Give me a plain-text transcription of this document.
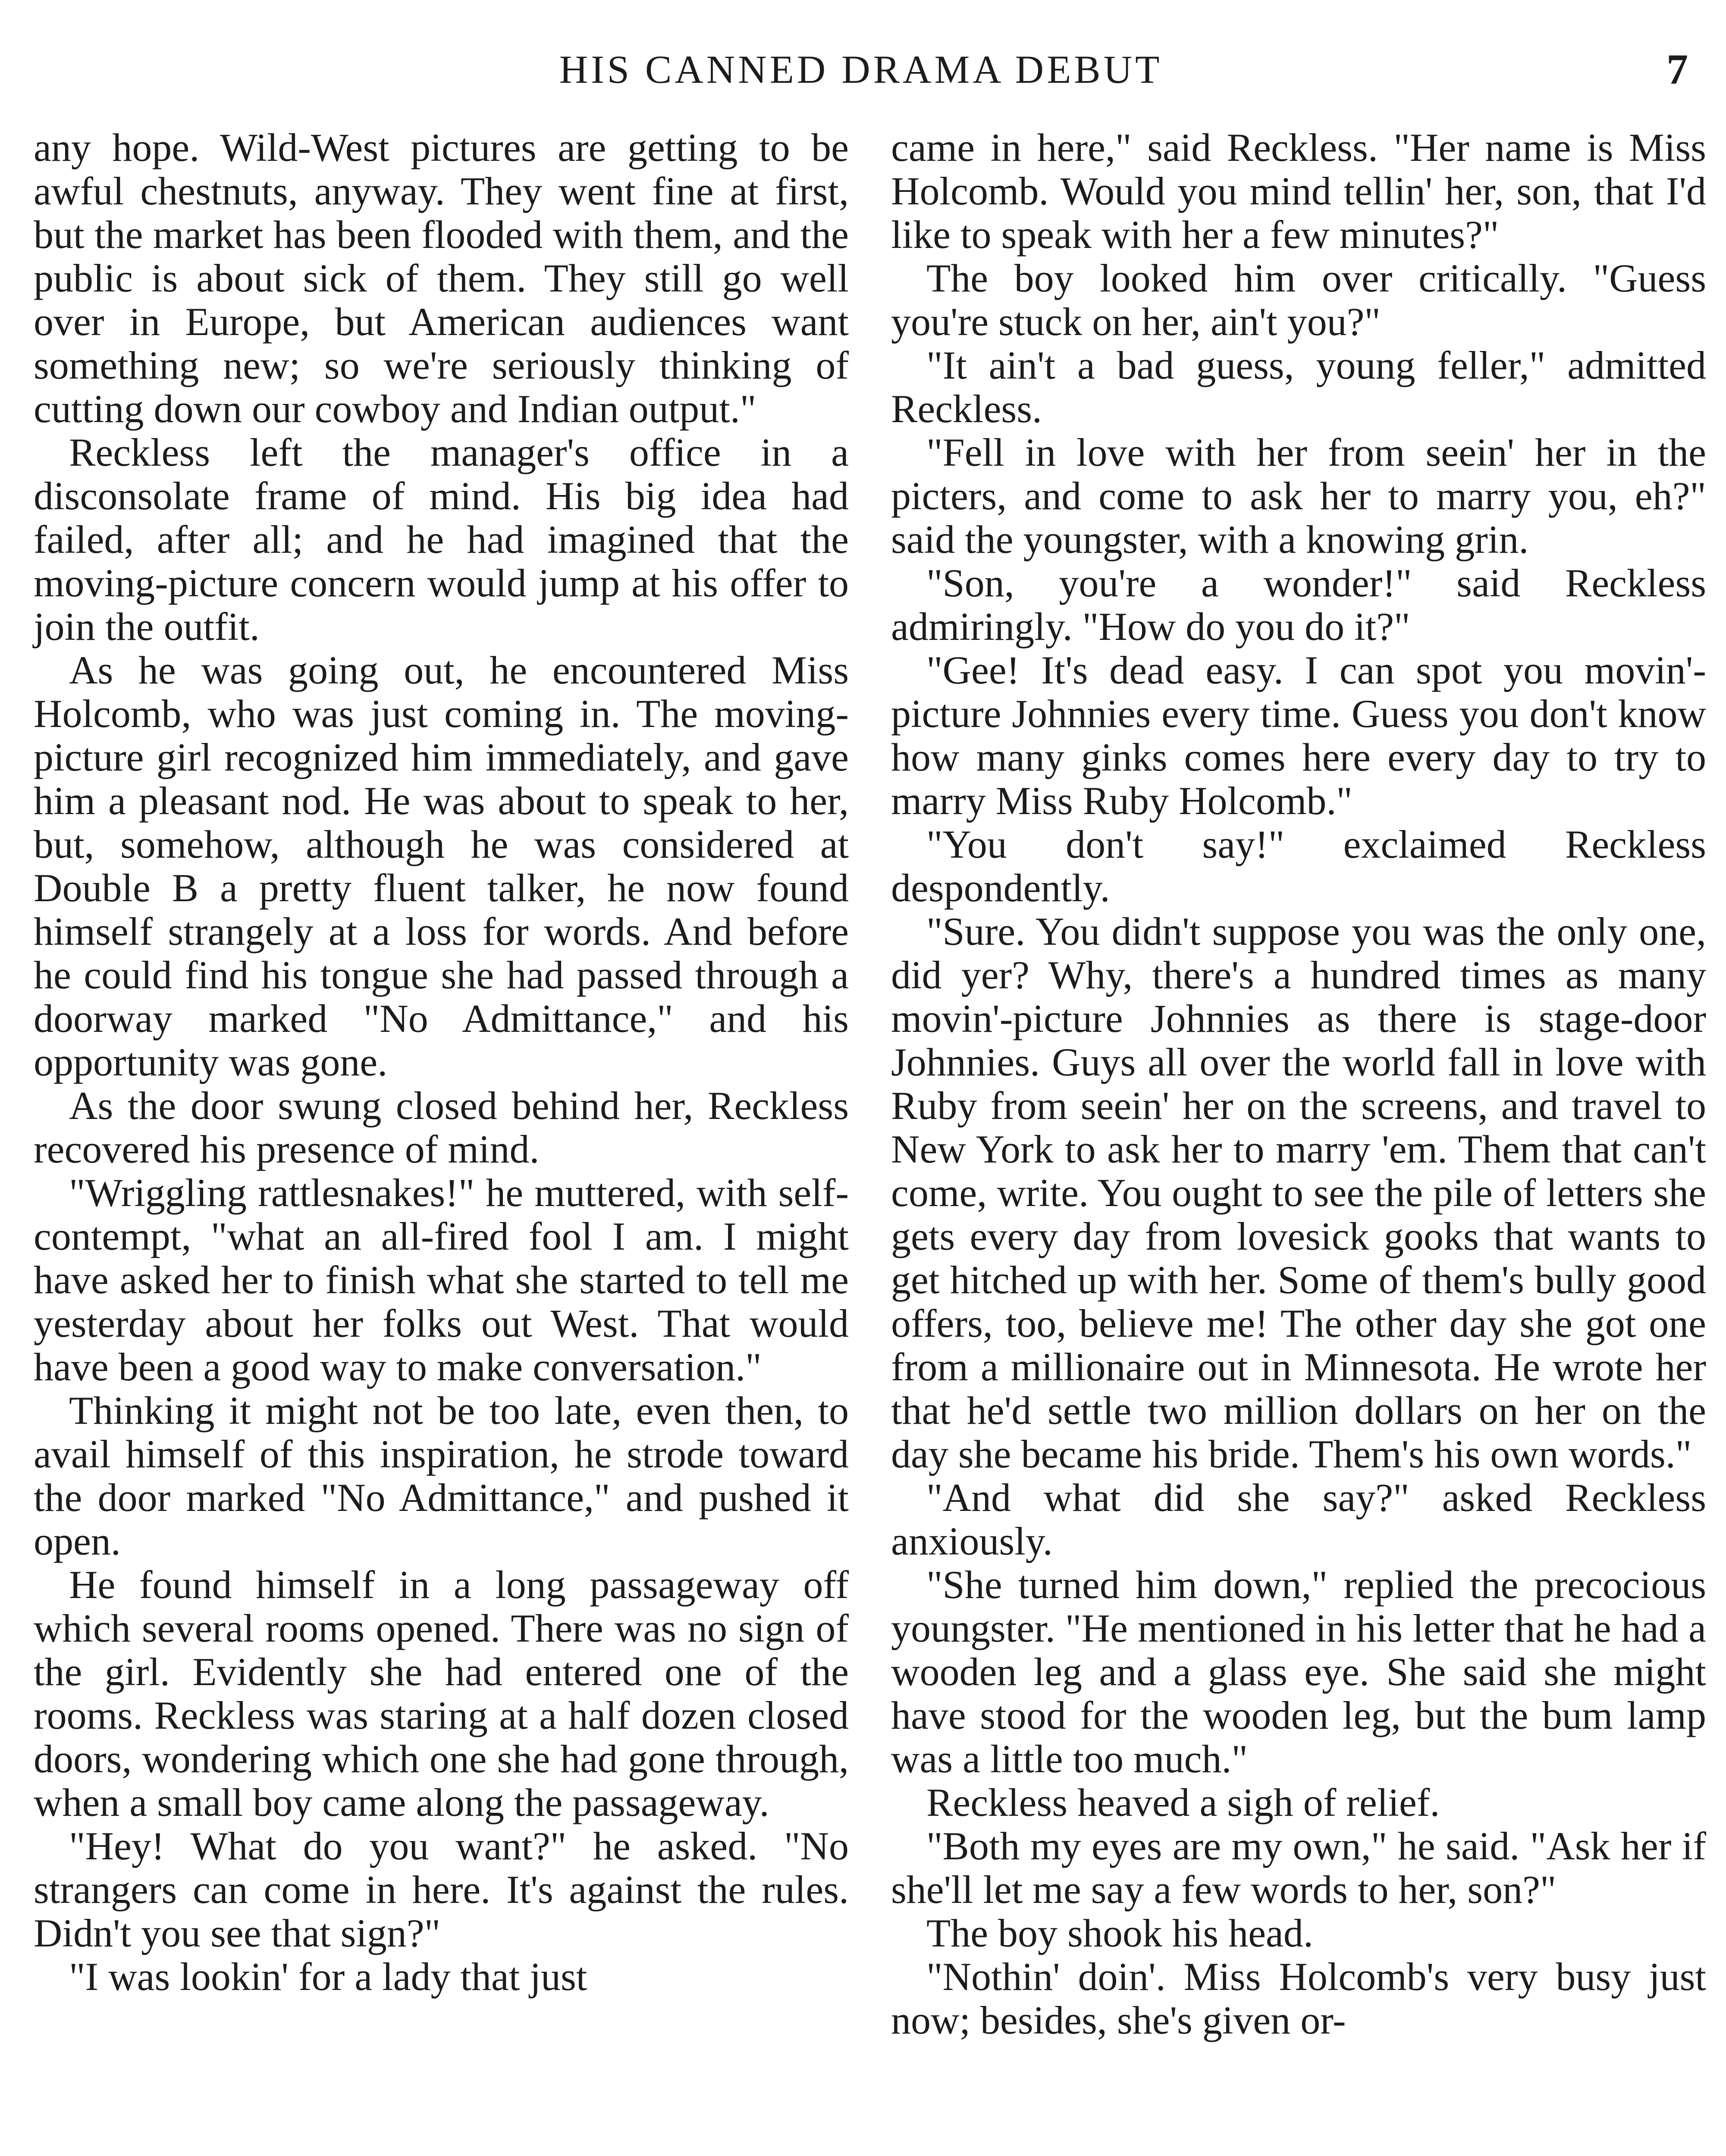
HIS CANNED DRAMA DEBUT	7

any hope. Wild-West pictures are getting to be awful chestnuts, anyway. They went fine at first, but the market has been flooded with them, and the public is about sick of them. They still go well over in Europe, but American audiences want something new; so we're seriously thinking of cutting down our cowboy and Indian output."

Reckless left the manager's office in a disconsolate frame of mind. His big idea had failed, after all; and he had imagined that the moving-picture concern would jump at his offer to join the outfit.

As he was going out, he encountered Miss Holcomb, who was just coming in. The moving-picture girl recognized him immediately, and gave him a pleasant nod. He was about to speak to her, but, somehow, although he was considered at Double B a pretty fluent talker, he now found himself strangely at a loss for words. And before he could find his tongue she had passed through a doorway marked "No Admittance," and his opportunity was gone.

As the door swung closed behind her, Reckless recovered his presence of mind.

"Wriggling rattlesnakes!" he muttered, with self-contempt, "what an all-fired fool I am. I might have asked her to finish what she started to tell me yesterday about her folks out West. That would have been a good way to make conversation."

Thinking it might not be too late, even then, to avail himself of this inspiration, he strode toward the door marked "No Admittance," and pushed it open.

He found himself in a long passageway off which several rooms opened. There was no sign of the girl. Evidently she had entered one of the rooms. Reckless was staring at a half dozen closed doors, wondering which one she had gone through, when a small boy came along the passageway.

"Hey! What do you want?" he asked. "No strangers can come in here. It's against the rules. Didn't you see that sign?"

"I was lookin' for a lady that just

came in here," said Reckless. "Her name is Miss Holcomb. Would you mind tellin' her, son, that I'd like to speak with her a few minutes?"

The boy looked him over critically. "Guess you're stuck on her, ain't you?"

"It ain't a bad guess, young feller," admitted Reckless.

"Fell in love with her from seein' her in the picters, and come to ask her to marry you, eh?" said the youngster, with a knowing grin.

"Son, you're a wonder!" said Reckless admiringly. "How do you do it?"

"Gee! It's dead easy. I can spot you movin'-picture Johnnies every time. Guess you don't know how many ginks comes here every day to try to marry Miss Ruby Holcomb."

"You don't say!" exclaimed Reckless despondently.

"Sure. You didn't suppose you was the only one, did yer? Why, there's a hundred times as many movin'-picture Johnnies as there is stage-door Johnnies. Guys all over the world fall in love with Ruby from seein' her on the screens, and travel to New York to ask her to marry 'em. Them that can't come, write. You ought to see the pile of letters she gets every day from lovesick gooks that wants to get hitched up with her. Some of them's bully good offers, too, believe me! The other day she got one from a millionaire out in Minnesota. He wrote her that he'd settle two million dollars on her on the day she became his bride. Them's his own words."

"And what did she say?" asked Reckless anxiously.

"She turned him down," replied the precocious youngster. "He mentioned in his letter that he had a wooden leg and a glass eye. She said she might have stood for the wooden leg, but the bum lamp was a little too much."

Reckless heaved a sigh of relief.

"Both my eyes are my own," he said. "Ask her if she'll let me say a few words to her, son?"

The boy shook his head.

"Nothin' doin'. Miss Holcomb's very busy just now; besides, she's given or-
